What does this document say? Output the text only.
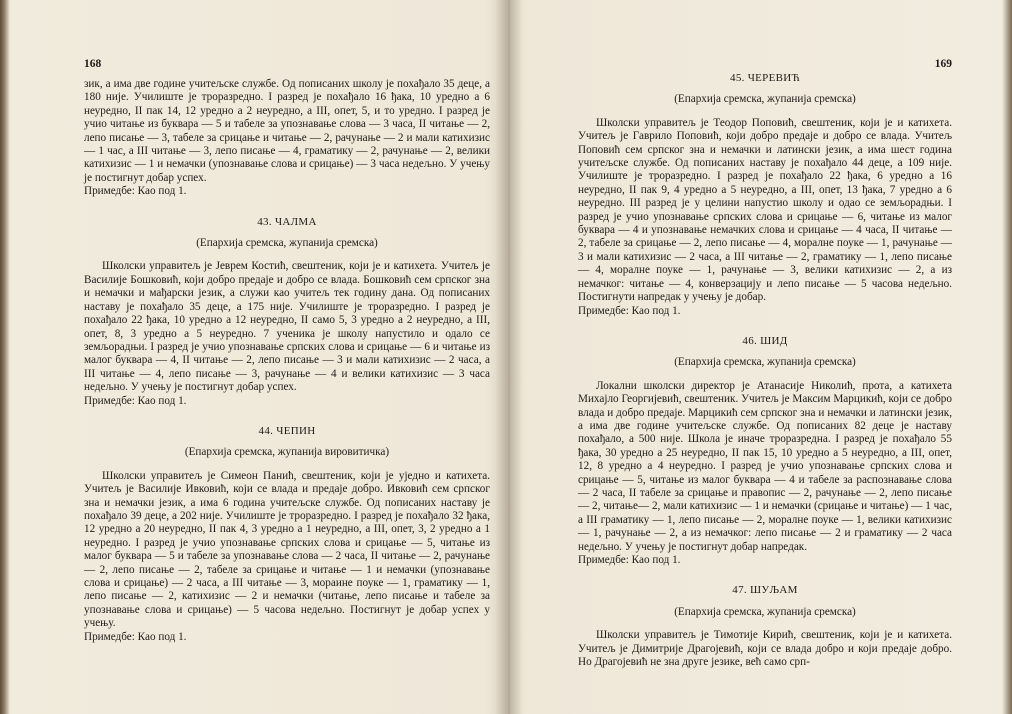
168

зик, а има две године учитељске службе. Од пописаних школу је похађало 35 деце, а 180 није. Училиште је троразредно. I разред је похађало 16 ђака, 10 уредно а 6 неуредно, II пак 14, 12 уредно а 2 неуредно, а III, опет, 5, и то уредно. I разред је учио читање из буквара — 5 и табеле за упознавање слова — 3 часа, II читање — 2, лепо писање — 3, табеле за срицање и читање — 2, рачунање — 2 и мали катихизис — 1 час, а III читање — 3, лепо писање — 4, граматику — 2, рачунање — 2, велики катихизис — 1 и немачки (упознавање слова и срицање) — 3 часа недељно. У учењу је постигнут добар успех.

Примедбе: Као под 1.

43. ЧАЛМА
(Епархија сремска, жупанија сремска)

Школски управитељ је Јеврем Костић, свештеник, који је и катихета. Учитељ је Василије Бошковић, који добро предаје и добро се влада. Бошковић сем српског зна и немачки и мађарски језик, а служи као учитељ тек годину дана. Од пописаних наставу је похађало 35 деце, а 175 није. Училиште је троразредно. I разред је похађало 22 ђака, 10 уредно а 12 неуредно, II само 5, 3 уредно а 2 неуредно, а III, опет, 8, 3 уредно а 5 неуредно. 7 ученика је школу напустило и одало се земљорадњи. I разред је учио упознавање српских слова и срицање — 6 и читање из малог буквара — 4, II читање — 2, лепо писање — 3 и мали катихизис — 2 часа, а III читање — 4, лепо писање — 3, рачунање — 4 и велики катихизис — 3 часа недељно. У учењу је постигнут добар успех.

Примедбе: Као под 1.

44. ЧЕПИН
(Епархија сремска, жупанија вировитичка)

Школски управитељ је Симеон Панић, свештеник, који је уједно и катихета. Учитељ је Василије Ивковић, који се влада и предаје добро. Ивковић сем српског зна и немачки језик, а има 6 година учитељске службе. Од пописаних наставу је похађало 39 деце, а 202 није. Училиште је троразредно. I разред је похађало 32 ђака, 12 уредно а 20 неуредно, II пак 4, 3 уредно а 1 неуредно, а III, опет, 3, 2 уредно а 1 неуредно. I разред је учио упознавање српских слова и срицање — 5, читање из малог буквара — 5 и табеле за упознавање слова — 2 часа, II читање — 2, рачунање — 2, лепо писање — 2, табеле за срицање и читање — 1 и немачки (упознавање слова и срицање) — 2 часа, а III читање — 3, мораине поуке — 1, граматику — 1, лепо писање — 2, катихизис — 2 и немачки (читање, лепо писање и табеле за упознавање слова и срицање) — 5 часова недељно. Постигнут је добар успех у учењу.

Примедбе: Као под 1.

169
45. ЧЕРЕВИЋ
(Епархија сремска, жупанија сремска)

Школски управитељ је Теодор Поповић, свештеник, који је и катихета. Учитељ је Гаврило Поповић, који добро предаје и добро се влада. Учитељ Поповић сем српског зна и немачки и латински језик, а има шест година учитељске службе. Од пописаних наставу је похађало 44 деце, а 109 није. Училиште је троразредно. I разред је похађало 22 ђака, 6 уредно а 16 неуредно, II пак 9, 4 уредно а 5 неуредно, а III, опет, 13 ђака, 7 уредно а 6 неуредно. III разред је у целини напустио школу и одао се земљорадњи. I разред је учио упознавање српских слова и срицање — 6, читање из малог буквара — 4 и упознавање немачких слова и срицање — 4 часа, II читање — 2, табеле за срицање — 2, лепо писање — 4, моралне поуке — 1, рачунање — 3 и мали катихизис — 2 часа, а III читање — 2, граматику — 1, лепо писање — 4, моралне поуке — 1, рачунање — 3, велики катихизис — 2, а из немачког: читање — 4, конверзацију и лепо писање — 5 часова недељно. Постигнути напредак у учењу је добар.

Примедбе: Као под 1.

46. ШИД
(Епархија сремска, жупанија сремска)

Локални школски директор је Атанасије Николић, прота, а катихета Михајло Георгијевић, свештеник. Учитељ је Максим Марцикић, који се добро влада и добро предаје. Марцикић сем српског зна и немачки и латински језик, а има две године учитељске службе. Од пописаних 82 деце је наставу похађало, а 500 није. Школа је иначе троразредна. I разред је похађало 55 ђака, 30 уредно а 25 неуредно, II пак 15, 10 уредно а 5 неуредно, а III, опет, 12, 8 уредно а 4 неуредно. I разред је учио упознавање српских слова и срицање — 5, читање из малог буквара — 4 и табеле за распознавање слова — 2 часа, II табеле за срицање и правопис — 2, рачунање — 2, лепо писање — 2, читање— 2, мали катихизис — 1 и немачки (срицање и читање) — 1 час, а III граматику — 1, лепо писање — 2, моралне поуке — 1, велики катихизис — 1, рачунање — 2, а из немачког: лепо писање — 2 и граматику — 2 часа недељно. У учењу је постигнут добар напредак.

Примедбе: Као под 1.

47. ШУЉАМ
(Епархија сремска, жупанија сремска)

Школски управитељ је Тимотије Кирић, свештеник, који је и катихета. Учитељ је Димитрије Драгојевић, који се влада добро и који предаје добро. Но Драгојевић не зна друге језике, већ само срп-
